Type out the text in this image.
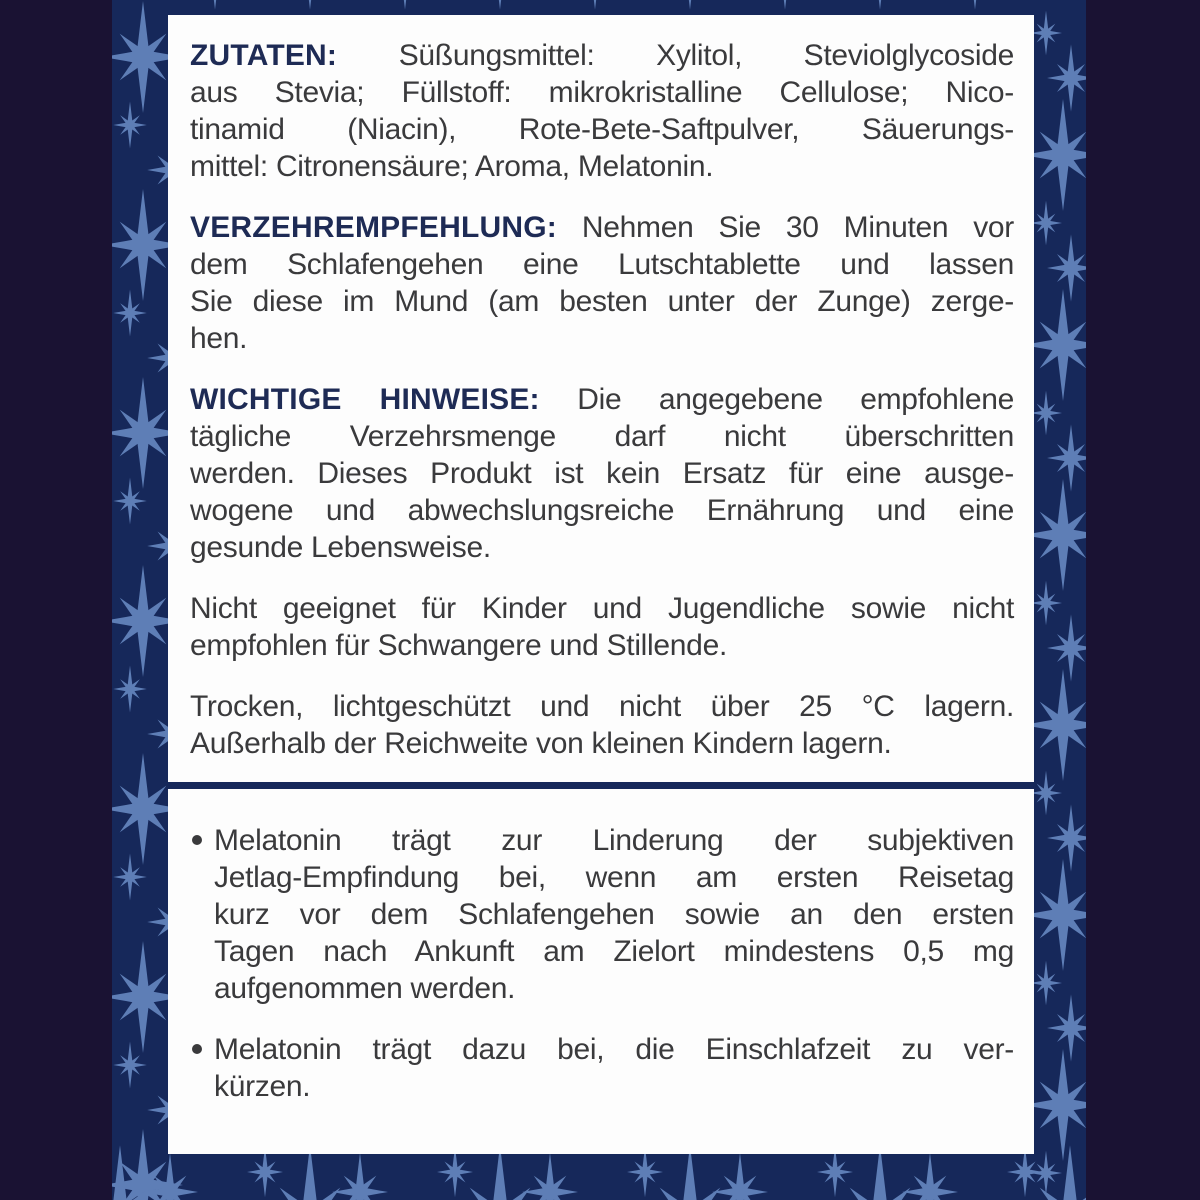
ZUTATEN: Süßungsmittel: Xylitol, Steviolglycoside
aus Stevia; Füllstoff: mikrokristalline Cellulose; Nico-
tinamid (Niacin), Rote-Bete-Saftpulver, Säuerungs-
mittel: Citronensäure; Aroma, Melatonin.
VERZEHREMPFEHLUNG: Nehmen Sie 30 Minuten vor
dem Schlafengehen eine Lutschtablette und lassen
Sie diese im Mund (am besten unter der Zunge) zerge-
hen.
WICHTIGE HINWEISE: Die angegebene empfohlene
tägliche Verzehrsmenge darf nicht überschritten
werden. Dieses Produkt ist kein Ersatz für eine ausge-
wogene und abwechslungsreiche Ernährung und eine
gesunde Lebensweise.
Nicht geeignet für Kinder und Jugendliche sowie nicht
empfohlen für Schwangere und Stillende.
Trocken, lichtgeschützt und nicht über 25 °C lagern.
Außerhalb der Reichweite von kleinen Kindern lagern.
Melatonin trägt zur Linderung der subjektiven
Jetlag-Empfindung bei, wenn am ersten Reisetag
kurz vor dem Schlafengehen sowie an den ersten
Tagen nach Ankunft am Zielort mindestens 0,5 mg
aufgenommen werden.
Melatonin trägt dazu bei, die Einschlafzeit zu ver-
kürzen.
